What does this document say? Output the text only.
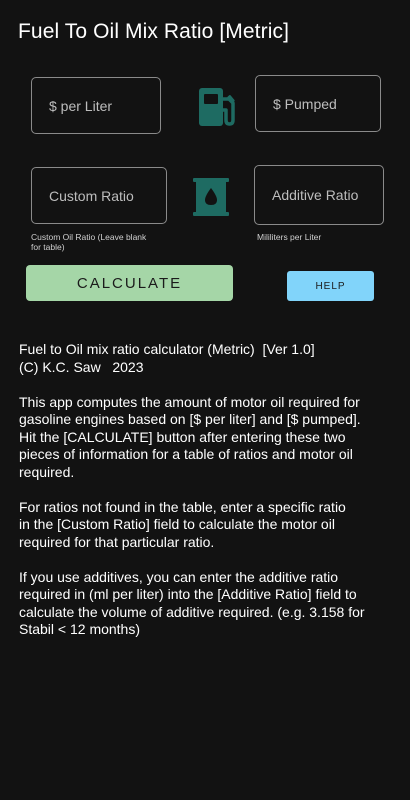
Fuel To Oil Mix Ratio [Metric]
$ per Liter
$ Pumped
Custom Ratio
Custom Oil Ratio (Leave blank
for table)
Additive Ratio
Mililiters per Liter
CALCULATE	HELP

Fuel to Oil mix ratio calculator (Metric)  [Ver 1.0]
(C) K.C. Saw   2023

This app computes the amount of motor oil required for
gasoline engines based on [$ per liter] and [$ pumped].
Hit the [CALCULATE] button after entering these two
pieces of information for a table of ratios and motor oil
required.

For ratios not found in the table, enter a specific ratio
in the [Custom Ratio] field to calculate the motor oil
required for that particular ratio.

If you use additives, you can enter the additive ratio
required in (ml per liter) into the [Additive Ratio] field to
calculate the volume of additive required. (e.g. 3.158 for
Stabil < 12 months)
